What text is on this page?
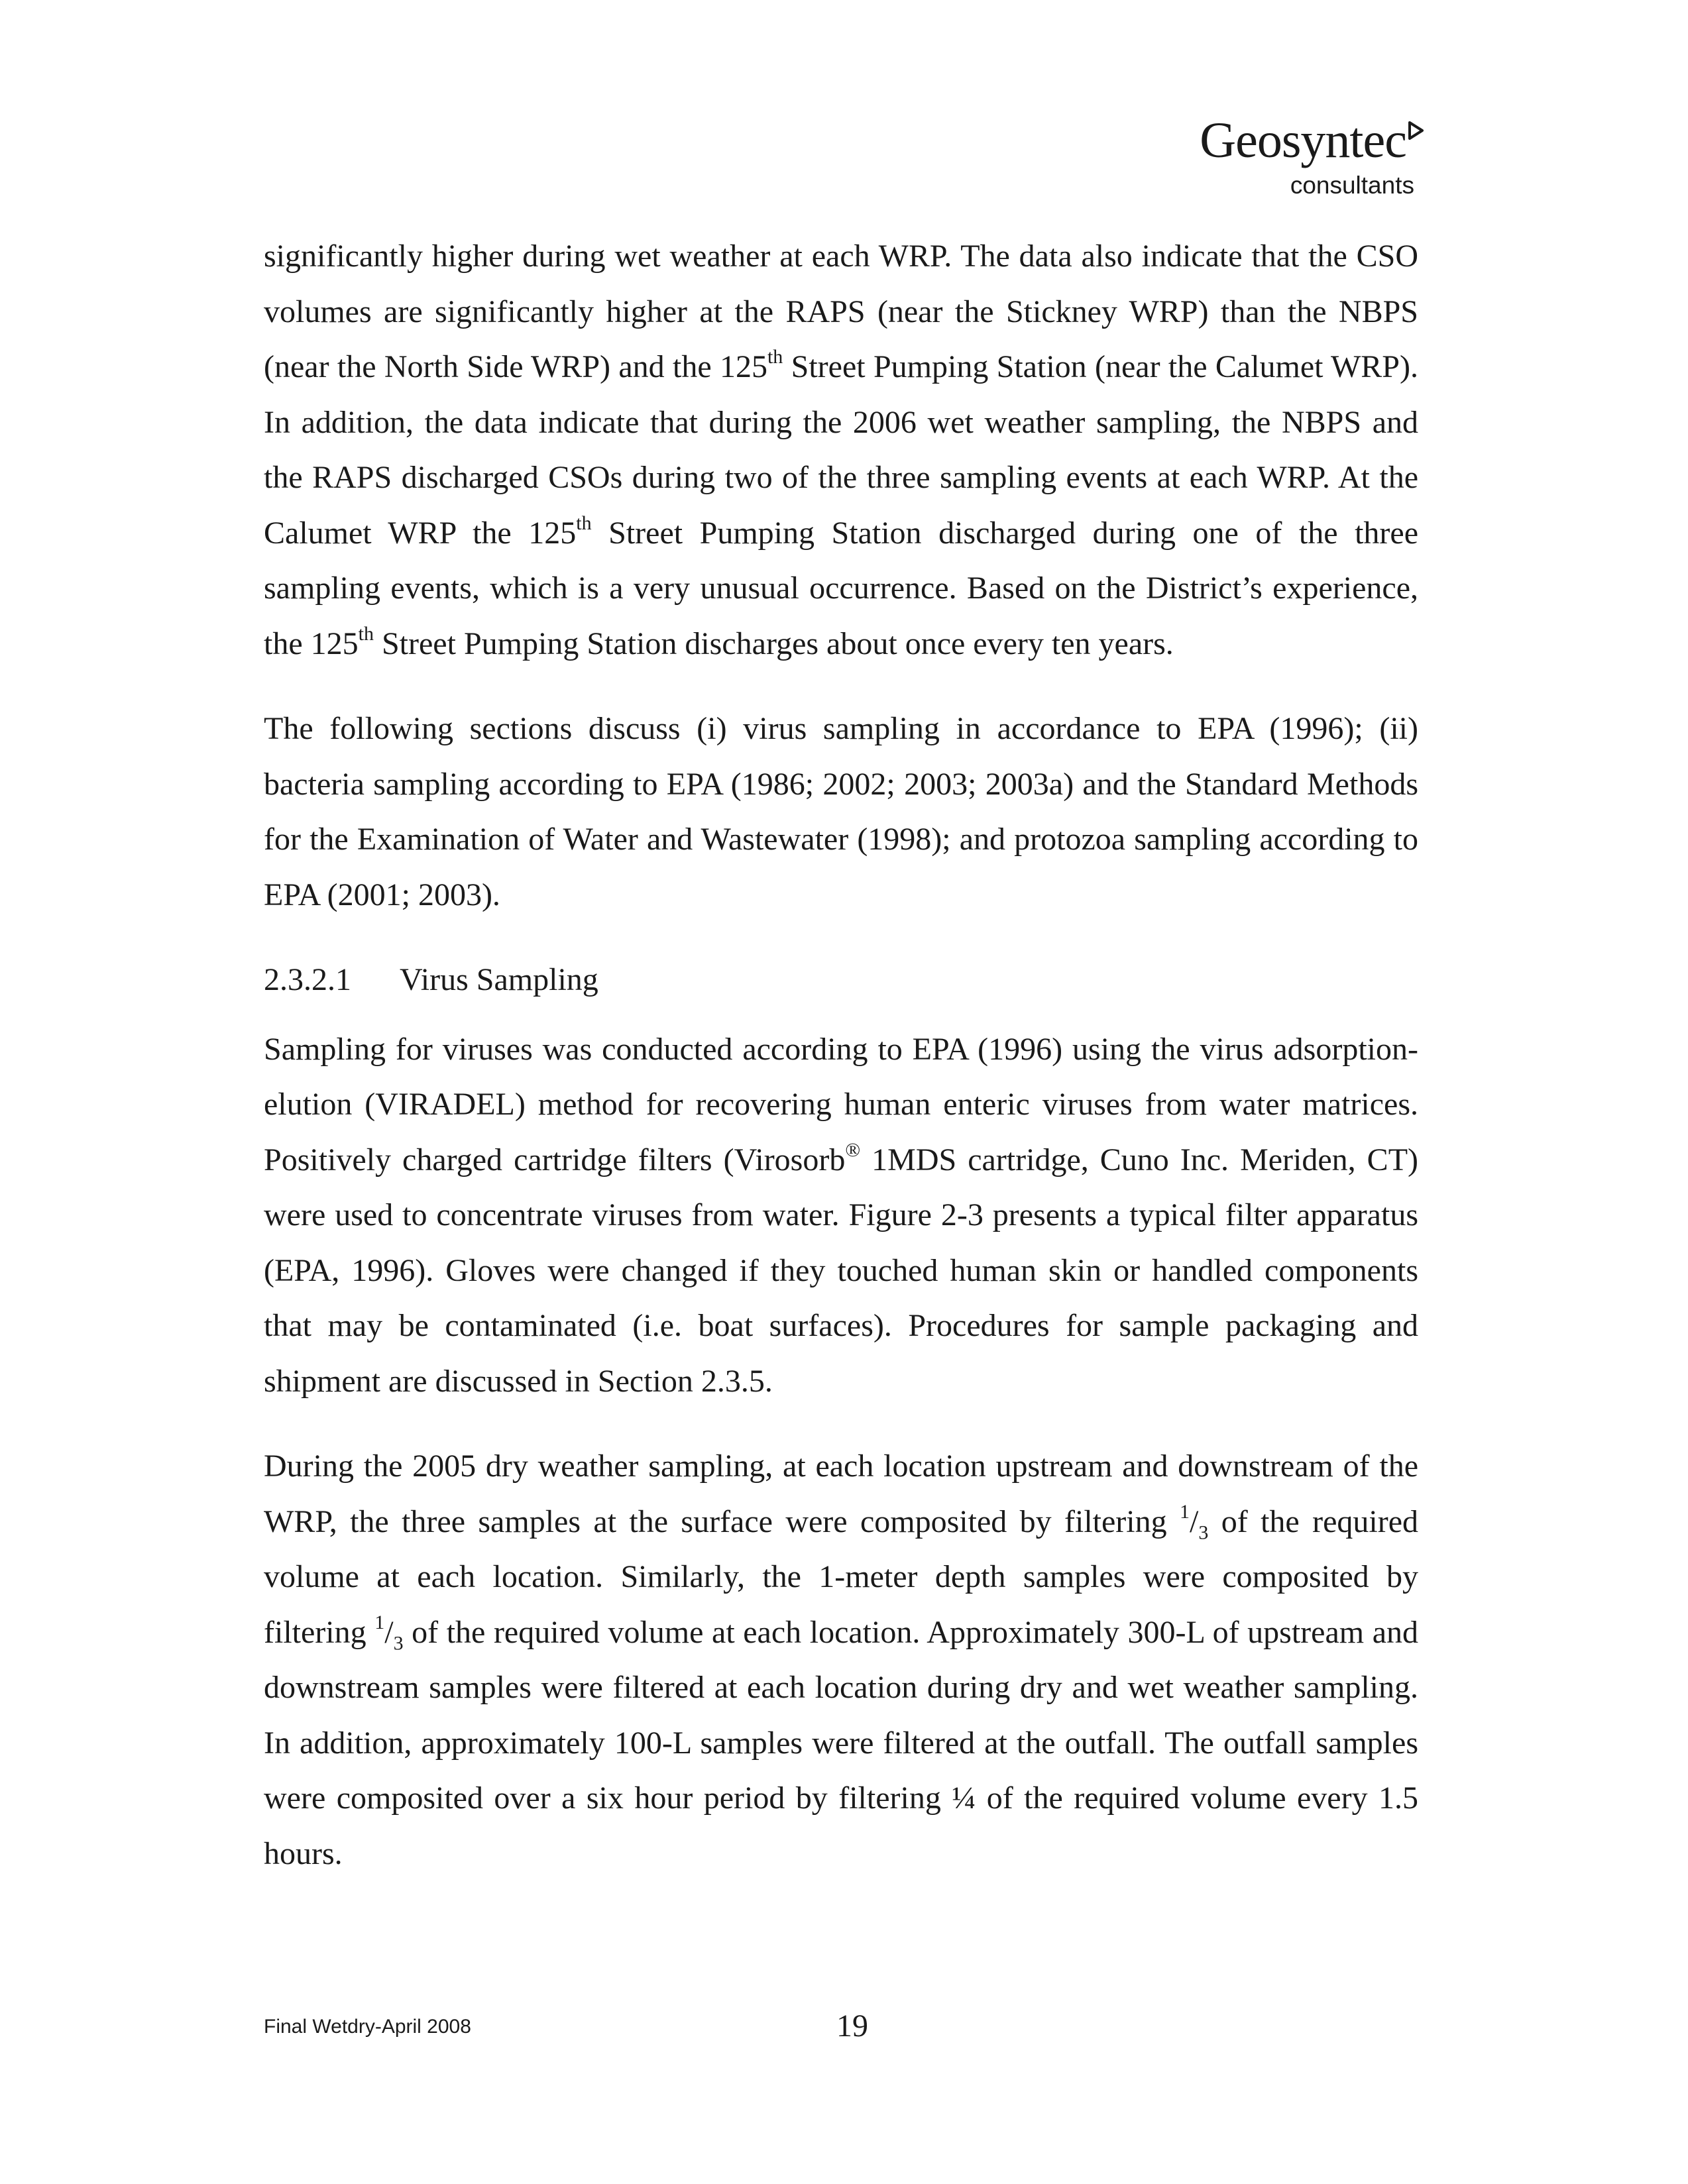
Geosyntec
consultants

significantly higher during wet weather at each WRP. The data also indicate that the CSO volumes are significantly higher at the RAPS (near the Stickney WRP) than the NBPS (near the North Side WRP) and the 125th Street Pumping Station (near the Calumet WRP). In addition, the data indicate that during the 2006 wet weather sampling, the NBPS and the RAPS discharged CSOs during two of the three sampling events at each WRP. At the Calumet WRP the 125th Street Pumping Station discharged during one of the three sampling events, which is a very unusual occurrence. Based on the District’s experience, the 125th Street Pumping Station discharges about once every ten years.

The following sections discuss (i) virus sampling in accordance to EPA (1996); (ii) bacteria sampling according to EPA (1986; 2002; 2003; 2003a) and the Standard Methods for the Examination of Water and Wastewater (1998); and protozoa sampling according to EPA (2001; 2003).

2.3.2.1 Virus Sampling

Sampling for viruses was conducted according to EPA (1996) using the virus adsorption-elution (VIRADEL) method for recovering human enteric viruses from water matrices. Positively charged cartridge filters (Virosorb® 1MDS cartridge, Cuno Inc. Meriden, CT) were used to concentrate viruses from water. Figure 2-3 presents a typical filter apparatus (EPA, 1996). Gloves were changed if they touched human skin or handled components that may be contaminated (i.e. boat surfaces). Procedures for sample packaging and shipment are discussed in Section 2.3.5.

During the 2005 dry weather sampling, at each location upstream and downstream of the WRP, the three samples at the surface were composited by filtering $^1/_3$ of the required volume at each location. Similarly, the 1-meter depth samples were composited by filtering $^1/_3$ of the required volume at each location. Approximately 300-L of upstream and downstream samples were filtered at each location during dry and wet weather sampling. In addition, approximately 100-L samples were filtered at the outfall. The outfall samples were composited over a six hour period by filtering ¼ of the required volume every 1.5 hours.

Final Wetdry-April 2008	19
